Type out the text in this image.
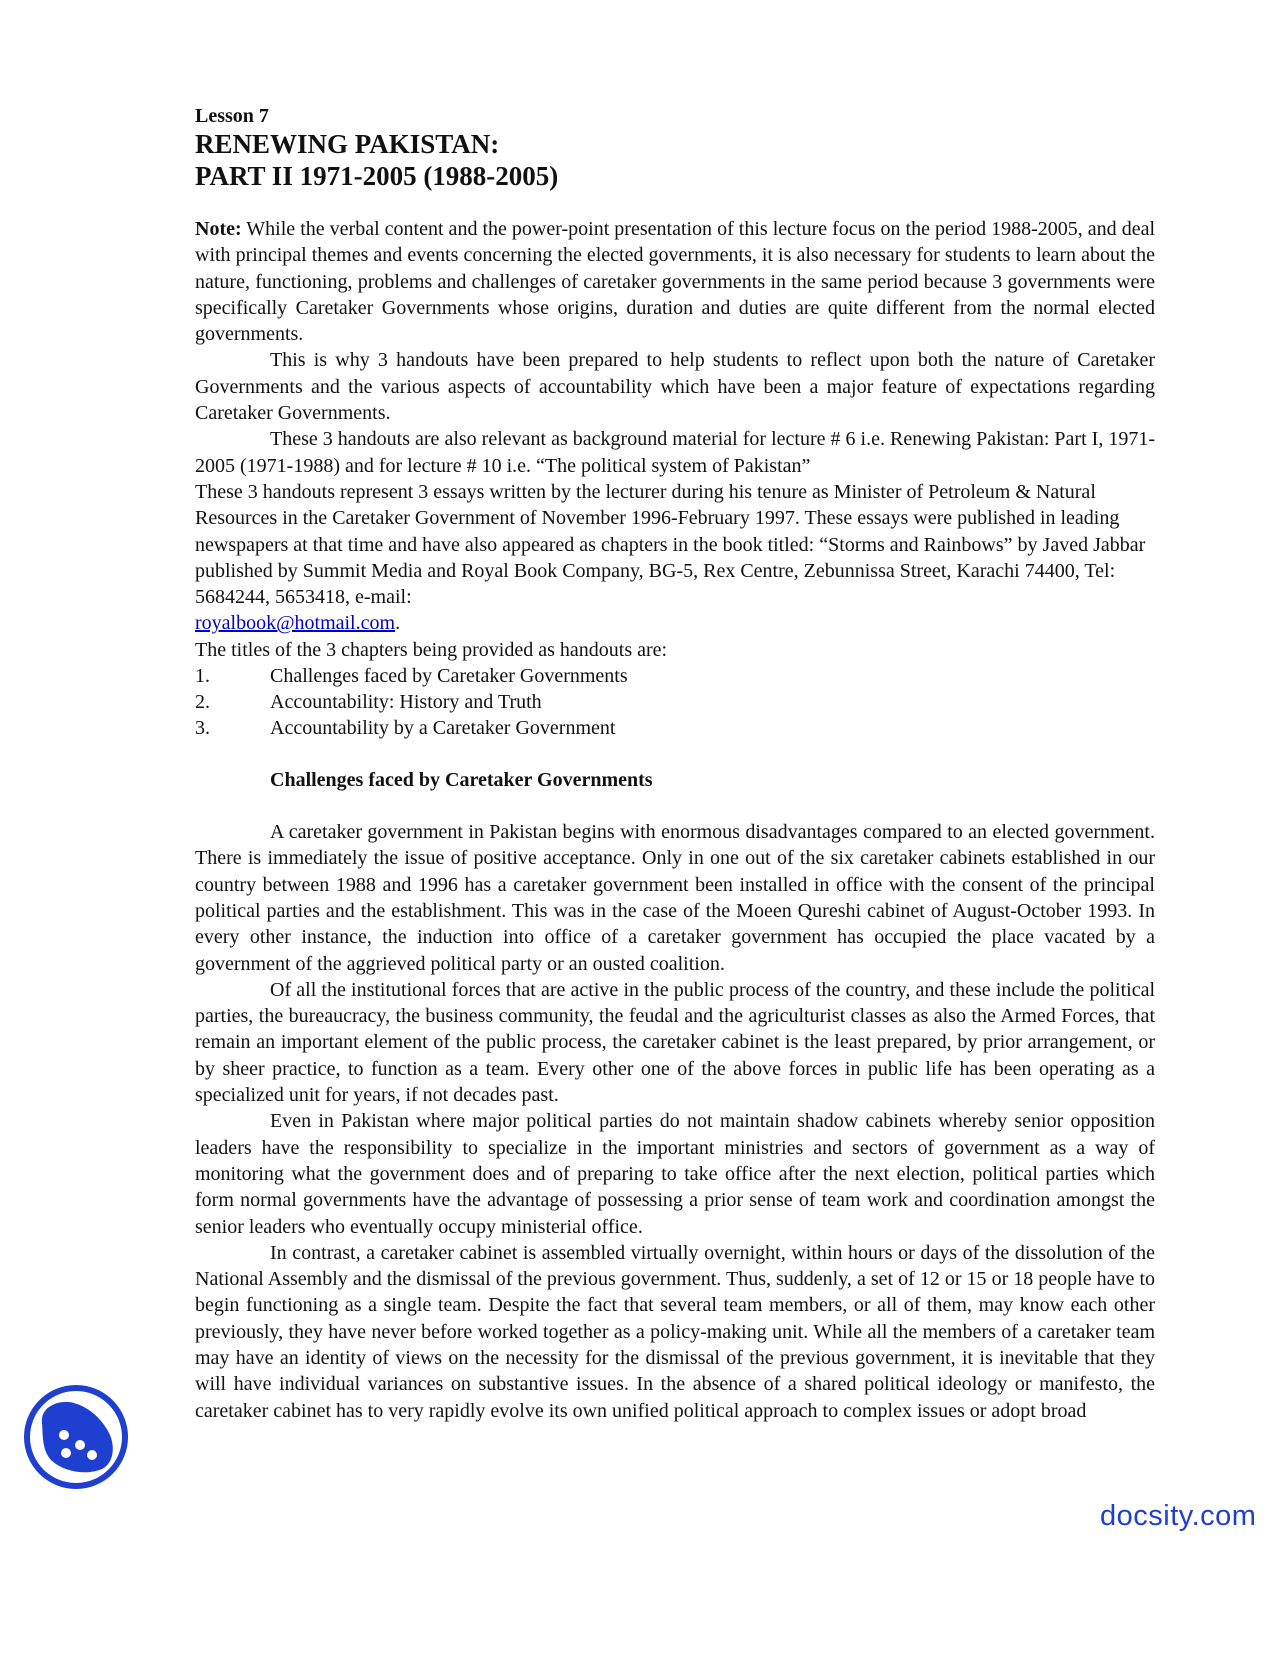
Lesson 7

RENEWING PAKISTAN:

PART II 1971-2005 (1988-2005)

Note: While the verbal content and the power-point presentation of this lecture focus on the period 1988-2005, and deal with principal themes and events concerning the elected governments, it is also necessary for students to learn about the nature, functioning, problems and challenges of caretaker governments in the same period because 3 governments were specifically Caretaker Governments whose origins, duration and duties are quite different from the normal elected governments.

This is why 3 handouts have been prepared to help students to reflect upon both the nature of Caretaker Governments and the various aspects of accountability which have been a major feature of expectations regarding Caretaker Governments.

These 3 handouts are also relevant as background material for lecture # 6 i.e. Renewing Pakistan: Part I, 1971-2005 (1971-1988) and for lecture # 10 i.e. “The political system of Pakistan”

These 3 handouts represent 3 essays written by the lecturer during his tenure as Minister of Petroleum & Natural Resources in the Caretaker Government of November 1996-February 1997. These essays were published in leading newspapers at that time and have also appeared as chapters in the book titled: “Storms and Rainbows” by Javed Jabbar published by Summit Media and Royal Book Company, BG-5, Rex Centre, Zebunnissa Street, Karachi 74400, Tel: 5684244, 5653418, e-mail:
royalbook@hotmail.com.

The titles of the 3 chapters being provided as handouts are:

1.	Challenges faced by Caretaker Governments
2.	Accountability: History and Truth
3.	Accountability by a Caretaker Government

Challenges faced by Caretaker Governments

A caretaker government in Pakistan begins with enormous disadvantages compared to an elected government. There is immediately the issue of positive acceptance. Only in one out of the six caretaker cabinets established in our country between 1988 and 1996 has a caretaker government been installed in office with the consent of the principal political parties and the establishment. This was in the case of the Moeen Qureshi cabinet of August-October 1993. In every other instance, the induction into office of a caretaker government has occupied the place vacated by a government of the aggrieved political party or an ousted coalition.

Of all the institutional forces that are active in the public process of the country, and these include the political parties, the bureaucracy, the business community, the feudal and the agriculturist classes as also the Armed Forces, that remain an important element of the public process, the caretaker cabinet is the least prepared, by prior arrangement, or by sheer practice, to function as a team. Every other one of the above forces in public life has been operating as a specialized unit for years, if not decades past.

Even in Pakistan where major political parties do not maintain shadow cabinets whereby senior opposition leaders have the responsibility to specialize in the important ministries and sectors of government as a way of monitoring what the government does and of preparing to take office after the next election, political parties which form normal governments have the advantage of possessing a prior sense of team work and coordination amongst the senior leaders who eventually occupy ministerial office.

In contrast, a caretaker cabinet is assembled virtually overnight, within hours or days of the dissolution of the National Assembly and the dismissal of the previous government. Thus, suddenly, a set of 12 or 15 or 18 people have to begin functioning as a single team. Despite the fact that several team members, or all of them, may know each other previously, they have never before worked together as a policy-making unit. While all the members of a caretaker team may have an identity of views on the necessity for the dismissal of the previous government, it is inevitable that they will have individual variances on substantive issues. In the absence of a shared political ideology or manifesto, the caretaker cabinet has to very rapidly evolve its own unified political approach to complex issues or adopt broad

docsity.com
